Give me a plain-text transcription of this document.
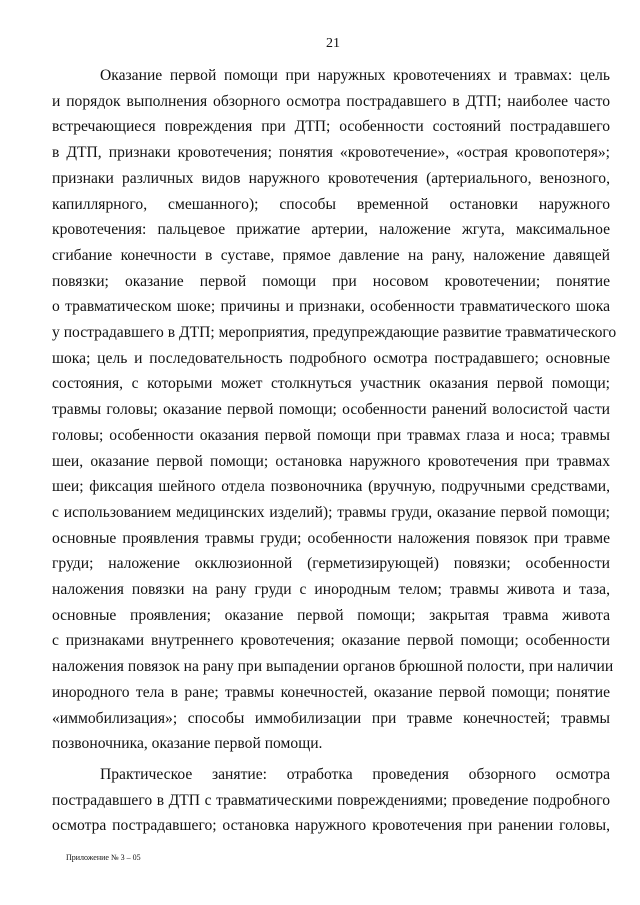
21
Оказание первой помощи при наружных кровотечениях и травмах: цель
и порядок выполнения обзорного осмотра пострадавшего в ДТП; наиболее часто
встречающиеся повреждения при ДТП; особенности состояний пострадавшего
в ДТП, признаки кровотечения; понятия «кровотечение», «острая кровопотеря»;
признаки различных видов наружного кровотечения (артериального, венозного,
капиллярного, смешанного); способы временной остановки наружного
кровотечения: пальцевое прижатие артерии, наложение жгута, максимальное
сгибание конечности в суставе, прямое давление на рану, наложение давящей
повязки; оказание первой помощи при носовом кровотечении; понятие
о травматическом шоке; причины и признаки, особенности травматического шока
у пострадавшего в ДТП; мероприятия, предупреждающие развитие травматического
шока; цель и последовательность подробного осмотра пострадавшего; основные
состояния, с которыми может столкнуться участник оказания первой помощи;
травмы головы; оказание первой помощи; особенности ранений волосистой части
головы; особенности оказания первой помощи при травмах глаза и носа; травмы
шеи, оказание первой помощи; остановка наружного кровотечения при травмах
шеи; фиксация шейного отдела позвоночника (вручную, подручными средствами,
с использованием медицинских изделий); травмы груди, оказание первой помощи;
основные проявления травмы груди; особенности наложения повязок при травме
груди; наложение окклюзионной (герметизирующей) повязки; особенности
наложения повязки на рану груди с инородным телом; травмы живота и таза,
основные проявления; оказание первой помощи; закрытая травма живота
с признаками внутреннего кровотечения; оказание первой помощи; особенности
наложения повязок на рану при выпадении органов брюшной полости, при наличии
инородного тела в ране; травмы конечностей, оказание первой помощи; понятие
«иммобилизация»; способы иммобилизации при травме конечностей; травмы
позвоночника, оказание первой помощи.
Практическое занятие: отработка проведения обзорного осмотра
пострадавшего в ДТП с травматическими повреждениями; проведение подробного
осмотра пострадавшего; остановка наружного кровотечения при ранении головы,
Приложение № 3 – 05
